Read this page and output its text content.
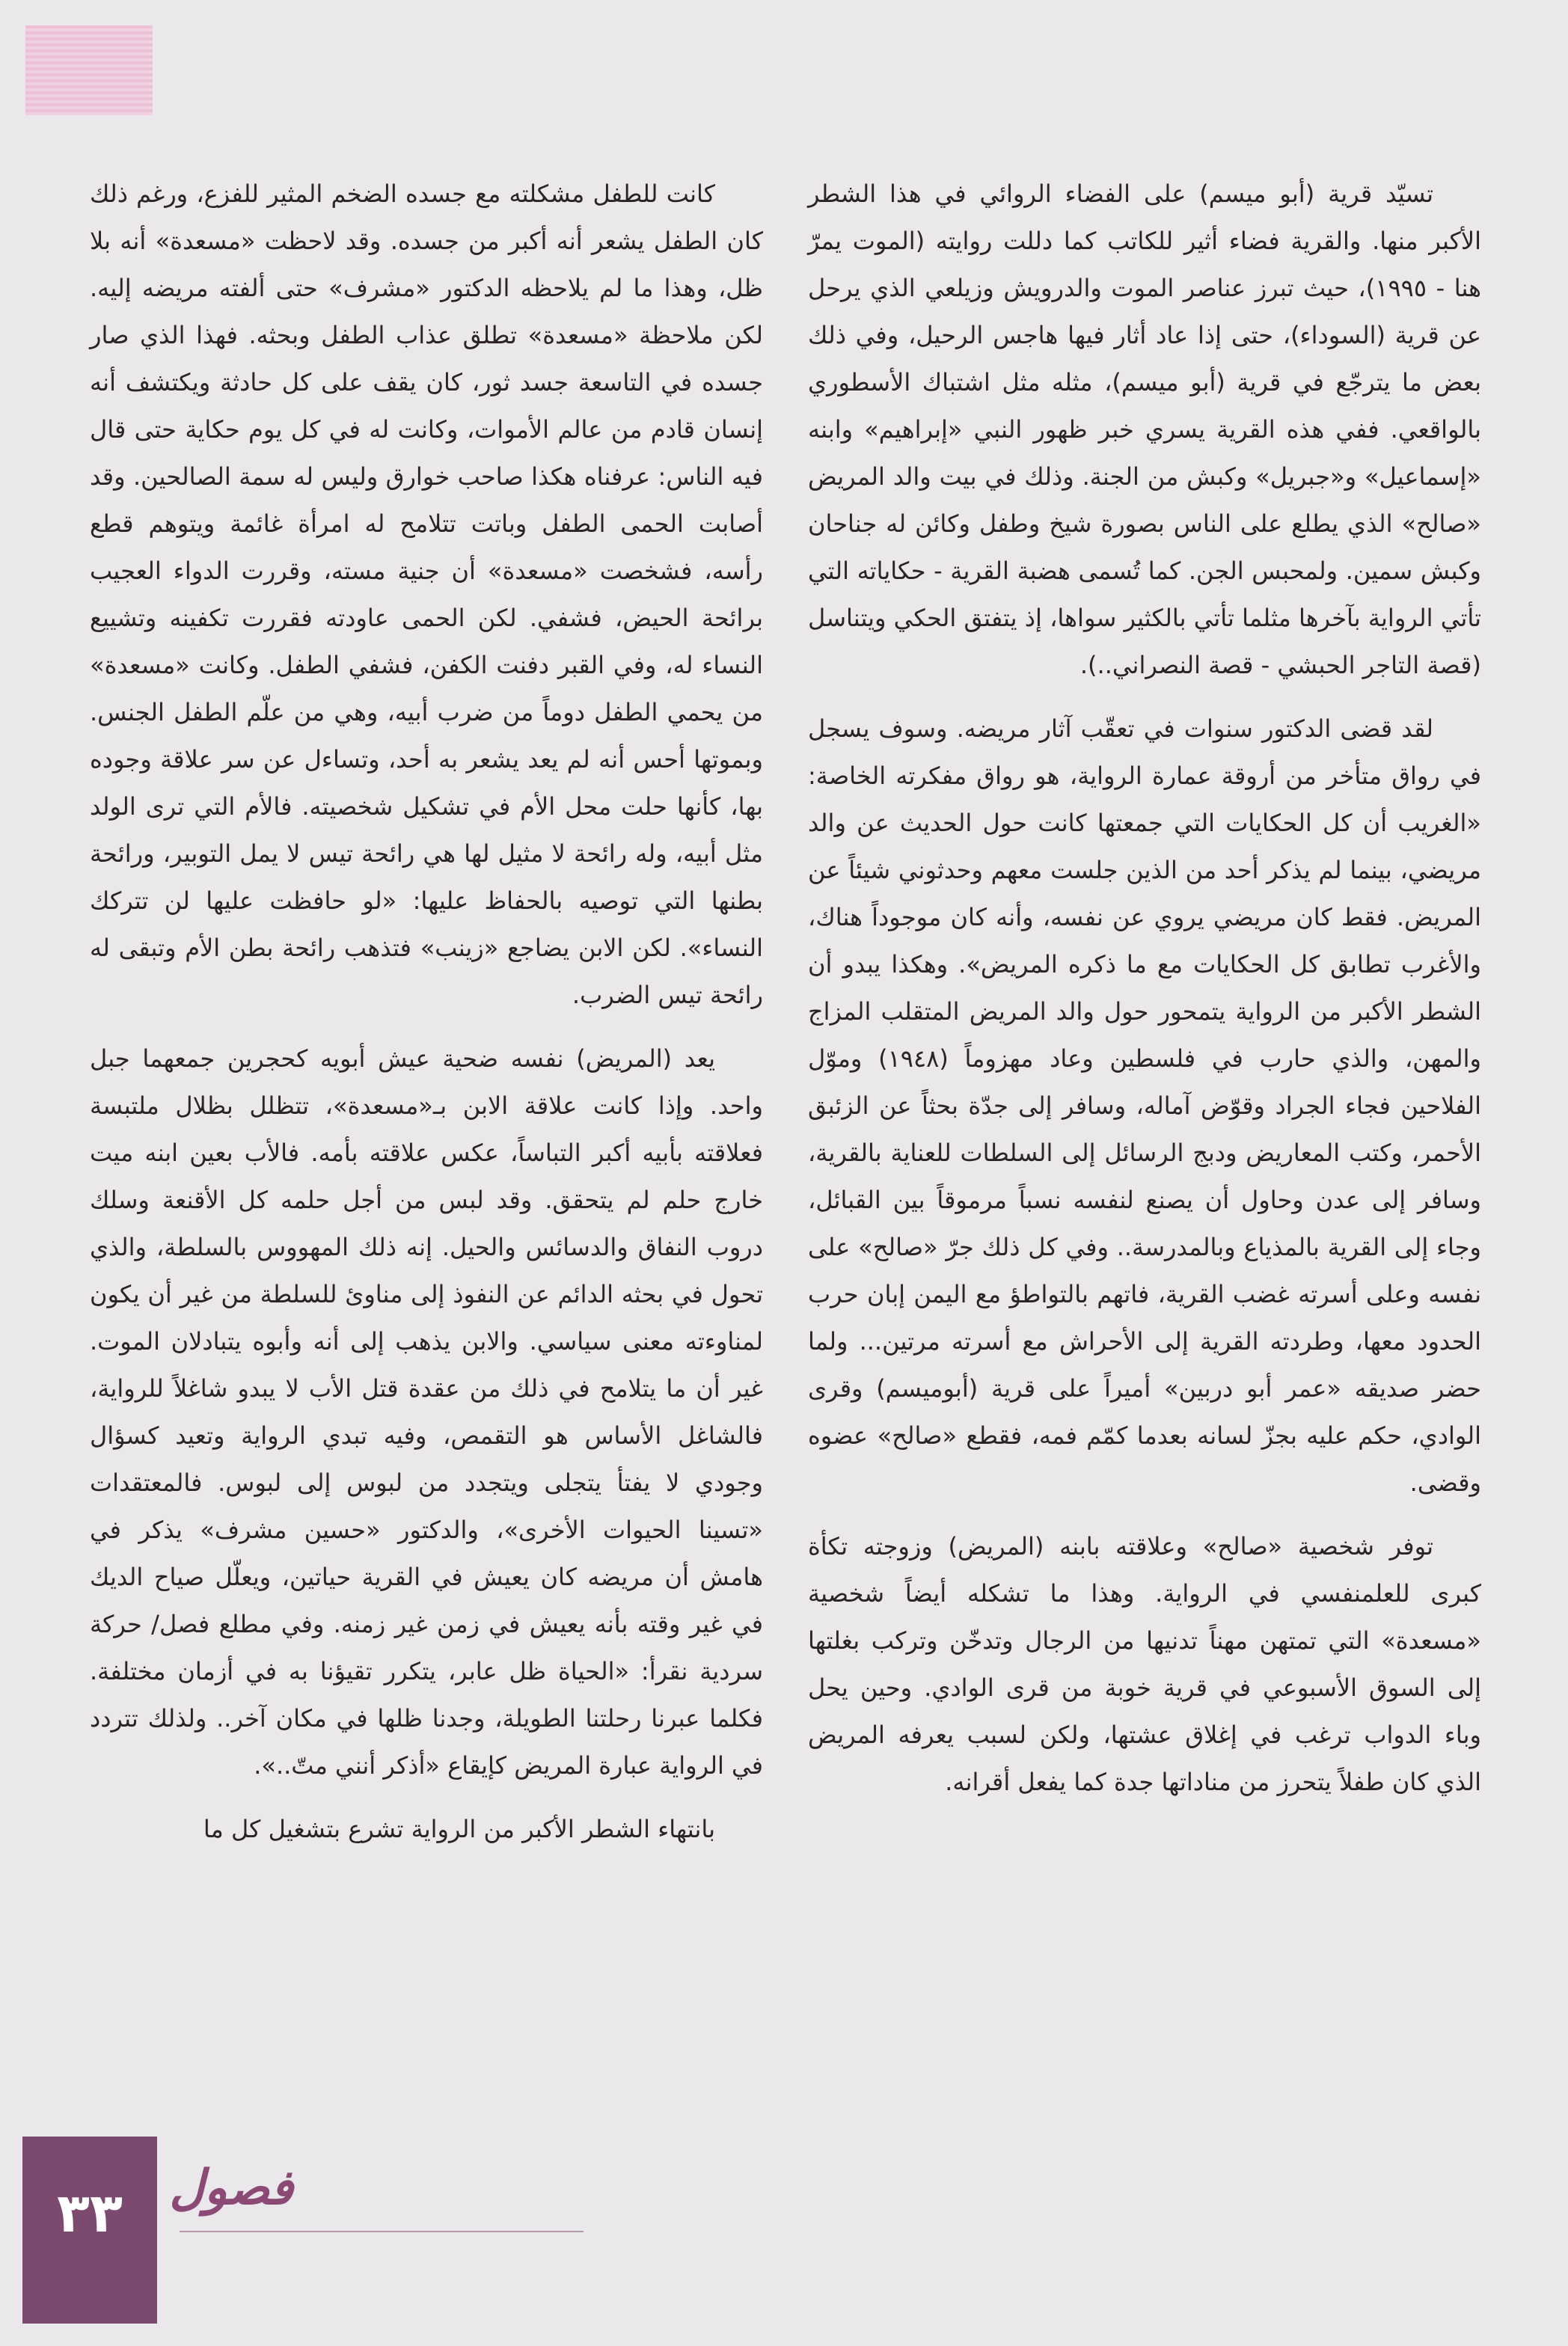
تسيّد قرية (أبو ميسم) على الفضاء الروائي في هذا الشطر الأكبر منها. والقرية فضاء أثير للكاتب كما دللت روايته (الموت يمرّ هنا - ١٩٩٥)، حيث تبرز عناصر الموت والدرويش وزيلعي الذي يرحل عن قرية (السوداء)، حتى إذا عاد أثار فيها هاجس الرحيل، وفي ذلك بعض ما يترجّع في قرية (أبو ميسم)، مثله مثل اشتباك الأسطوري بالواقعي. ففي هذه القرية يسري خبر ظهور النبي «إبراهيم» وابنه «إسماعيل» و«جبريل» وكبش من الجنة. وذلك في بيت والد المريض «صالح» الذي يطلع على الناس بصورة شيخ وطفل وكائن له جناحان وكبش سمين. ولمحبس الجن. كما تُسمى هضبة القرية - حكاياته التي تأتي الرواية بآخرها مثلما تأتي بالكثير سواها، إذ يتفتق الحكي ويتناسل (قصة التاجر الحبشي - قصة النصراني..).

لقد قضى الدكتور سنوات في تعقّب آثار مريضه. وسوف يسجل في رواق متأخر من أروقة عمارة الرواية، هو رواق مفكرته الخاصة: «الغريب أن كل الحكايات التي جمعتها كانت حول الحديث عن والد مريضي، بينما لم يذكر أحد من الذين جلست معهم وحدثوني شيئاً عن المريض. فقط كان مريضي يروي عن نفسه، وأنه كان موجوداً هناك، والأغرب تطابق كل الحكايات مع ما ذكره المريض». وهكذا يبدو أن الشطر الأكبر من الرواية يتمحور حول والد المريض المتقلب المزاج والمهن، والذي حارب في فلسطين وعاد مهزوماً (١٩٤٨) وموّل الفلاحين فجاء الجراد وقوّض آماله، وسافر إلى جدّة بحثاً عن الزئبق الأحمر، وكتب المعاريض ودبج الرسائل إلى السلطات للعناية بالقرية، وسافر إلى عدن وحاول أن يصنع لنفسه نسباً مرموقاً بين القبائل، وجاء إلى القرية بالمذياع وبالمدرسة.. وفي كل ذلك جرّ «صالح» على نفسه وعلى أسرته غضب القرية، فاتهم بالتواطؤ مع اليمن إبان حرب الحدود معها، وطردته القرية إلى الأحراش مع أسرته مرتين... ولما حضر صديقه «عمر أبو دربين» أميراً على قرية (أبوميسم) وقرى الوادي، حكم عليه بجزّ لسانه بعدما كمّم فمه، فقطع «صالح» عضوه وقضى.

توفر شخصية «صالح» وعلاقته بابنه (المريض) وزوجته تكأة كبرى للعلمنفسي في الرواية. وهذا ما تشكله أيضاً شخصية «مسعدة» التي تمتهن مهناً تدنيها من الرجال وتدخّن وتركب بغلتها إلى السوق الأسبوعي في قرية خوبة من قرى الوادي. وحين يحل وباء الدواب ترغب في إغلاق عشتها، ولكن لسبب يعرفه المريض الذي كان طفلاً يتحرز من مناداتها جدة كما يفعل أقرانه.

كانت للطفل مشكلته مع جسده الضخم المثير للفزع، ورغم ذلك كان الطفل يشعر أنه أكبر من جسده. وقد لاحظت «مسعدة» أنه بلا ظل، وهذا ما لم يلاحظه الدكتور «مشرف» حتى ألفته مريضه إليه. لكن ملاحظة «مسعدة» تطلق عذاب الطفل وبحثه. فهذا الذي صار جسده في التاسعة جسد ثور، كان يقف على كل حادثة ويكتشف أنه إنسان قادم من عالم الأموات، وكانت له في كل يوم حكاية حتى قال فيه الناس: عرفناه هكذا صاحب خوارق وليس له سمة الصالحين. وقد أصابت الحمى الطفل وباتت تتلامح له امرأة غائمة ويتوهم قطع رأسه، فشخصت «مسعدة» أن جنية مسته، وقررت الدواء العجيب برائحة الحيض، فشفي. لكن الحمى عاودته فقررت تكفينه وتشييع النساء له، وفي القبر دفنت الكفن، فشفي الطفل. وكانت «مسعدة» من يحمي الطفل دوماً من ضرب أبيه، وهي من علّم الطفل الجنس. وبموتها أحس أنه لم يعد يشعر به أحد، وتساءل عن سر علاقة وجوده بها، كأنها حلت محل الأم في تشكيل شخصيته. فالأم التي ترى الولد مثل أبيه، وله رائحة لا مثيل لها هي رائحة تيس لا يمل التوبير، ورائحة بطنها التي توصيه بالحفاظ عليها: «لو حافظت عليها لن تتركك النساء». لكن الابن يضاجع «زينب» فتذهب رائحة بطن الأم وتبقى له رائحة تيس الضرب.

يعد (المريض) نفسه ضحية عيش أبويه كحجرين جمعهما جبل واحد. وإذا كانت علاقة الابن بـ«مسعدة»، تتظلل بظلال ملتبسة فعلاقته بأبيه أكبر التباساً، عكس علاقته بأمه. فالأب بعين ابنه ميت خارج حلم لم يتحقق. وقد لبس من أجل حلمه كل الأقنعة وسلك دروب النفاق والدسائس والحيل. إنه ذلك المهووس بالسلطة، والذي تحول في بحثه الدائم عن النفوذ إلى مناوئ للسلطة من غير أن يكون لمناوءته معنى سياسي. والابن يذهب إلى أنه وأبوه يتبادلان الموت. غير أن ما يتلامح في ذلك من عقدة قتل الأب لا يبدو شاغلاً للرواية، فالشاغل الأساس هو التقمص، وفيه تبدي الرواية وتعيد كسؤال وجودي لا يفتأ يتجلى ويتجدد من لبوس إلى لبوس. فالمعتقدات «تسينا الحيوات الأخرى»، والدكتور «حسين مشرف» يذكر في هامش أن مريضه كان يعيش في القرية حياتين، ويعلّل صياح الديك في غير وقته بأنه يعيش في زمن غير زمنه. وفي مطلع فصل/ حركة سردية نقرأ: «الحياة ظل عابر، يتكرر تقيؤنا به في أزمان مختلفة. فكلما عبرنا رحلتنا الطويلة، وجدنا ظلها في مكان آخر.. ولذلك تتردد في الرواية عبارة المريض كإيقاع «أذكر أنني متّ..».

بانتهاء الشطر الأكبر من الرواية تشرع بتشغيل كل ما

٣٣ فصول
